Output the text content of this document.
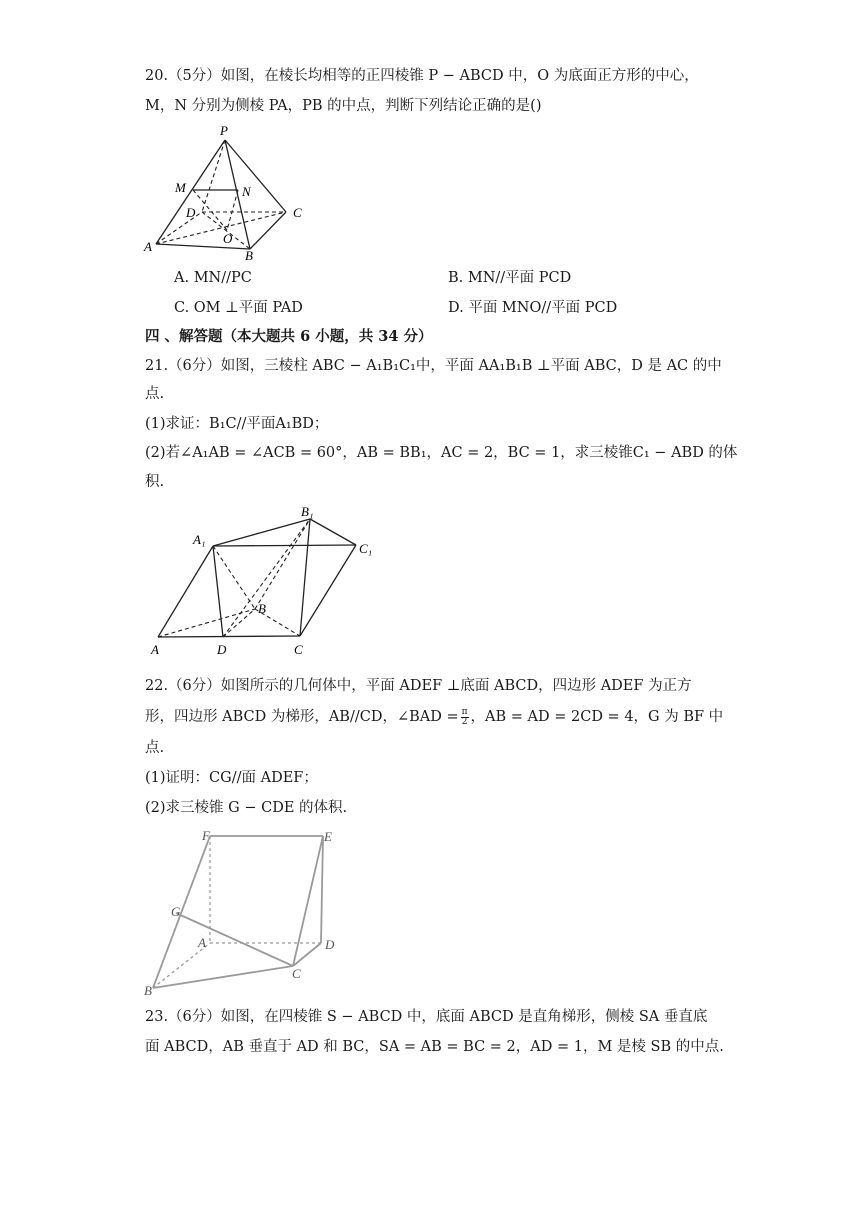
20.（5分）如图，在棱长均相等的正四棱锥 P − ABCD 中，O 为底面正方形的中心，
M，N 分别为侧棱 PA，PB 的中点，判断下列结论正确的是()
P
M	N
D	C
O
A
B
A. MN//PC	B. MN//平面 PCD
C. OM ⊥平面 PAD	D. 平面 MNO//平面 PCD
四 、解答题（本大题共 6 小题，共 34 分）
21.（6分）如图，三棱柱 ABC − A₁B₁C₁中，平面 AA₁B₁B ⊥平面 ABC，D 是 AC 的中
点.
(1)求证：B₁C//平面A₁BD；
(2)若∠A₁AB = ∠ACB = 60°，AB = BB₁，AC = 2，BC = 1，求三棱锥C₁ − ABD 的体
积.
B₁
A₁
C₁
B
A	D	C
22.（6分）如图所示的几何体中，平面 ADEF ⊥底面 ABCD，四边形 ADEF 为正方
形，四边形 ABCD 为梯形，AB//CD，∠BAD = $\frac{\pi}{2}$ ，AB = AD = 2CD = 4，G 为 BF 中
点.
(1)证明：CG//面 ADEF；
(2)求三棱锥 G − CDE 的体积.
F	E
G
A	D
C
B
23.（6分）如图，在四棱锥 S − ABCD 中，底面 ABCD 是直角梯形，侧棱 SA 垂直底
面 ABCD，AB 垂直于 AD 和 BC，SA = AB = BC = 2，AD = 1，M 是棱 SB 的中点.
